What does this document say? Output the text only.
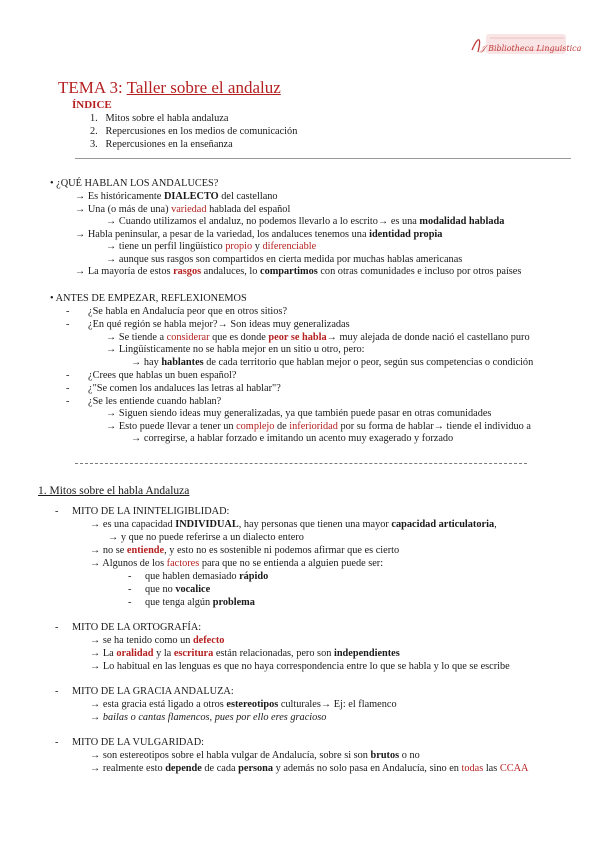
𝒥 Bibliotheca Linguistica
TEMA 3: Taller sobre el andaluz
ÍNDICE
1. Mitos sobre el habla andaluza
2. Repercusiones en los medios de comunicación
3. Repercusiones en la enseñanza
• ¿QUÉ HABLAN LOS ANDALUCES?
→ Es históricamente DIALECTO del castellano
→ Una (o más de una) variedad hablada del español
→ Cuando utilizamos el andaluz, no podemos llevarlo a lo escrito→ es una modalidad hablada
→ Habla peninsular, a pesar de la variedad, los andaluces tenemos una identidad propia
→ tiene un perfil lingüístico propio y diferenciable
→ aunque sus rasgos son compartidos en cierta medida por muchas hablas americanas
→ La mayoría de estos rasgos andaluces, lo compartimos con otras comunidades e incluso por otros países
• ANTES DE EMPEZAR, REFLEXIONEMOS
- ¿Se habla en Andalucía peor que en otros sitios?
- ¿En qué región se habla mejor?→ Son ideas muy generalizadas
→ Se tiende a considerar que es donde peor se habla→ muy alejada de donde nació el castellano puro
→ Lingüísticamente no se habla mejor en un sitio u otro, pero:
→ hay hablantes de cada territorio que hablan mejor o peor, según sus competencias o condición
- ¿Crees que hablas un buen español?
- ¿"Se comen los andaluces las letras al hablar"?
- ¿Se les entiende cuando hablan?
→ Siguen siendo ideas muy generalizadas, ya que también puede pasar en otras comunidades
→ Esto puede llevar a tener un complejo de inferioridad por su forma de hablar→ tiende el individuo a
→ corregirse, a hablar forzado e imitando un acento muy exagerado y forzado
1. Mitos sobre el habla Andaluza
- MITO DE LA ININTELIGIBLIDAD:
→ es una capacidad INDIVIDUAL, hay personas que tienen una mayor capacidad articulatoria,
→ y que no puede referirse a un dialecto entero
→ no se entiende, y esto no es sostenible ni podemos afirmar que es cierto
→ Algunos de los factores para que no se entienda a alguien puede ser:
- que hablen demasiado rápido
- que no vocalice
- que tenga algún problema
- MITO DE LA ORTOGRAFÍA:
→ se ha tenido como un defecto
→ La oralidad y la escritura están relacionadas, pero son independientes
→ Lo habitual en las lenguas es que no haya correspondencia entre lo que se habla y lo que se escribe
- MITO DE LA GRACIA ANDALUZA:
→ esta gracia está ligado a otros estereotipos culturales→ Ej: el flamenco
→ bailas o cantas flamencos, pues por ello eres gracioso
- MITO DE LA VULGARIDAD:
→ son estereotipos sobre el habla vulgar de Andalucía, sobre si son brutos o no
→ realmente esto depende de cada persona y además no solo pasa en Andalucía, sino en todas las CCAA
